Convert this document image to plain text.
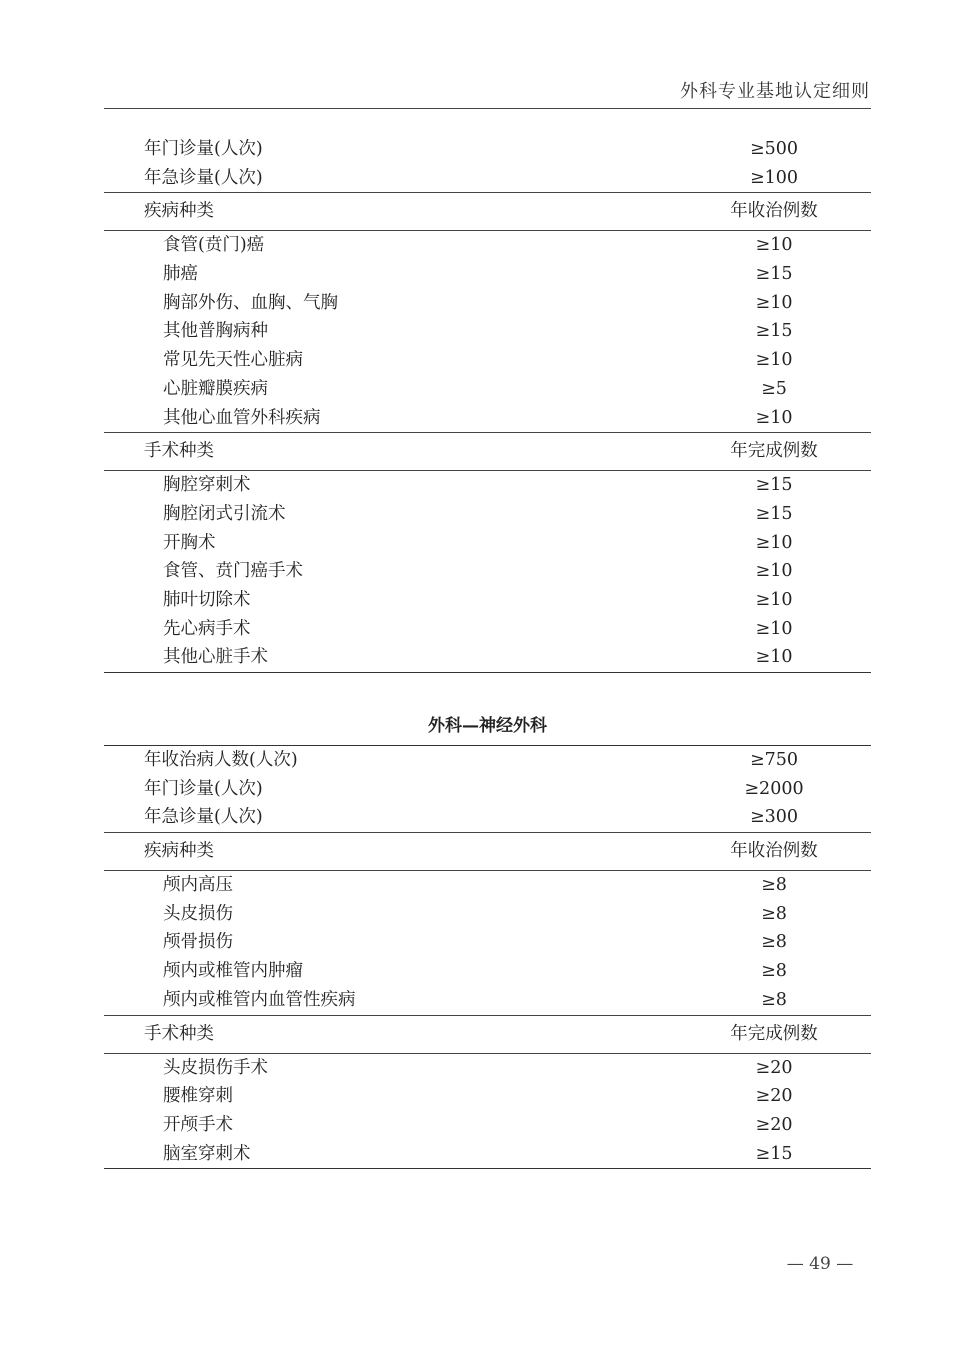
外科专业基地认定细则
年门诊量(人次)	≥500
年急诊量(人次)	≥100
疾病种类	年收治例数
食管(贲门)癌	≥10
肺癌	≥15
胸部外伤、血胸、气胸	≥10
其他普胸病种	≥15
常见先天性心脏病	≥10
心脏瓣膜疾病	≥5
其他心血管外科疾病	≥10
手术种类	年完成例数
胸腔穿刺术	≥15
胸腔闭式引流术	≥15
开胸术	≥10
食管、贲门癌手术	≥10
肺叶切除术	≥10
先心病手术	≥10
其他心脏手术	≥10
外科—神经外科
年收治病人数(人次)	≥750
年门诊量(人次)	≥2000
年急诊量(人次)	≥300
疾病种类	年收治例数
颅内高压	≥8
头皮损伤	≥8
颅骨损伤	≥8
颅内或椎管内肿瘤	≥8
颅内或椎管内血管性疾病	≥8
手术种类	年完成例数
头皮损伤手术	≥20
腰椎穿刺	≥20
开颅手术	≥20
脑室穿刺术	≥15
— 49 —
